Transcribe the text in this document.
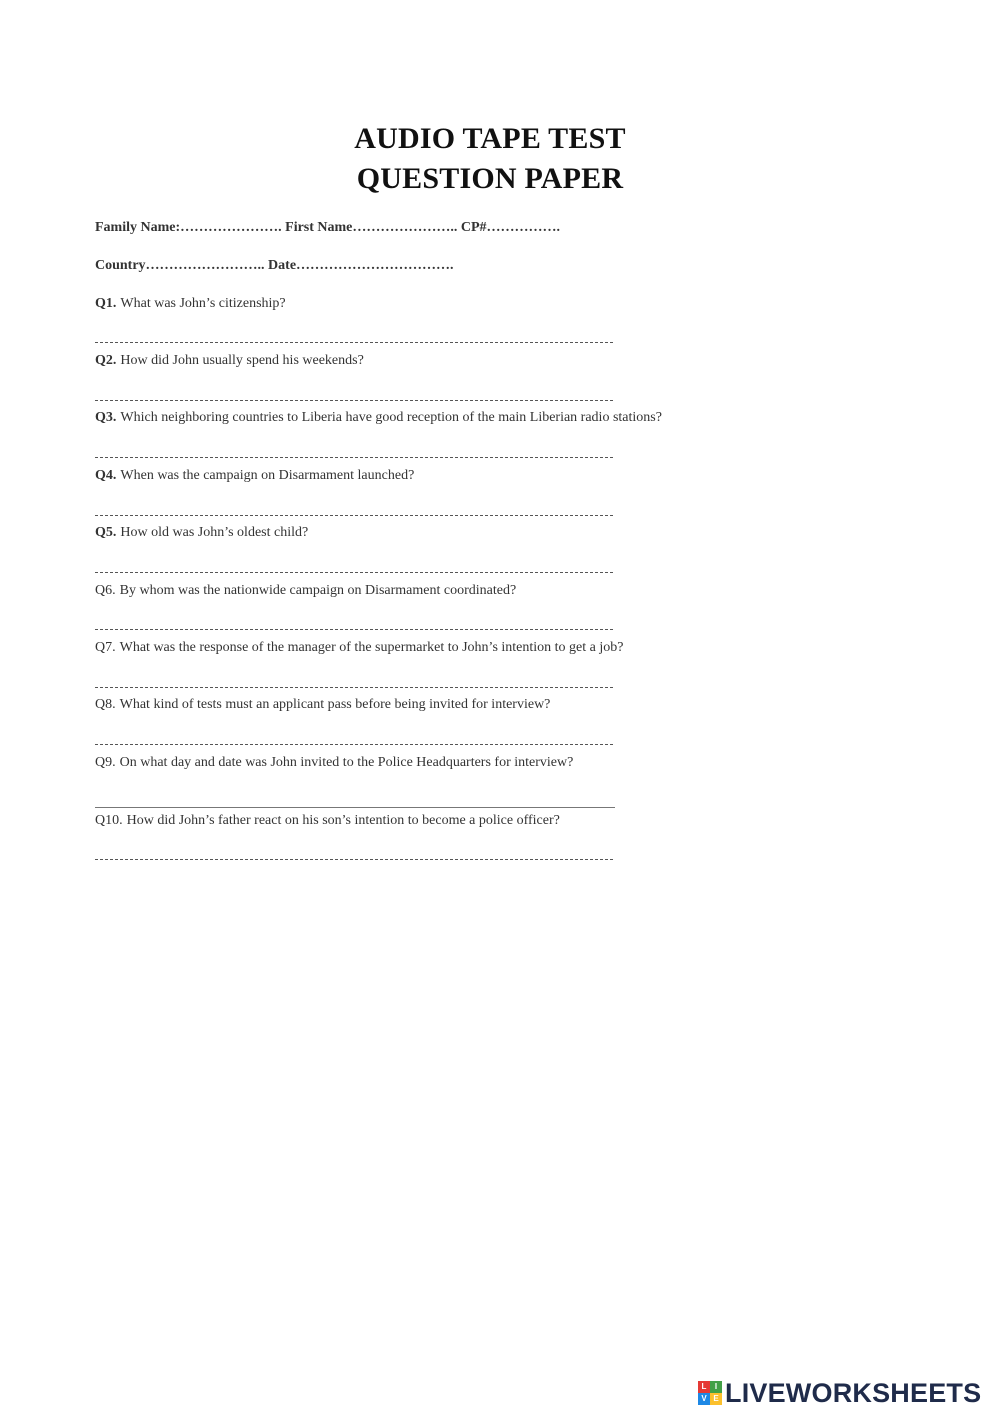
AUDIO TAPE TEST
QUESTION PAPER
Family Name:…………………. First Name………………….. CP#…………….
Country…………………….. Date…………………………….
Q1. What was John’s citizenship?
Q2. How did John usually spend his weekends?
Q3. Which neighboring countries to Liberia have good reception of the main Liberian radio stations?
Q4. When was the campaign on Disarmament launched?
Q5. How old was John’s oldest child?
Q6. By whom was the nationwide campaign on Disarmament coordinated?
Q7. What was the response of the manager of the supermarket to John’s intention to get a job?
Q8. What kind of tests must an applicant pass before being invited for interview?
Q9. On what day and date was John invited to the Police Headquarters for interview?
Q10. How did John’s father react on his son’s intention to become a police officer?
L	I
V E LIVEWORKSHEETS
